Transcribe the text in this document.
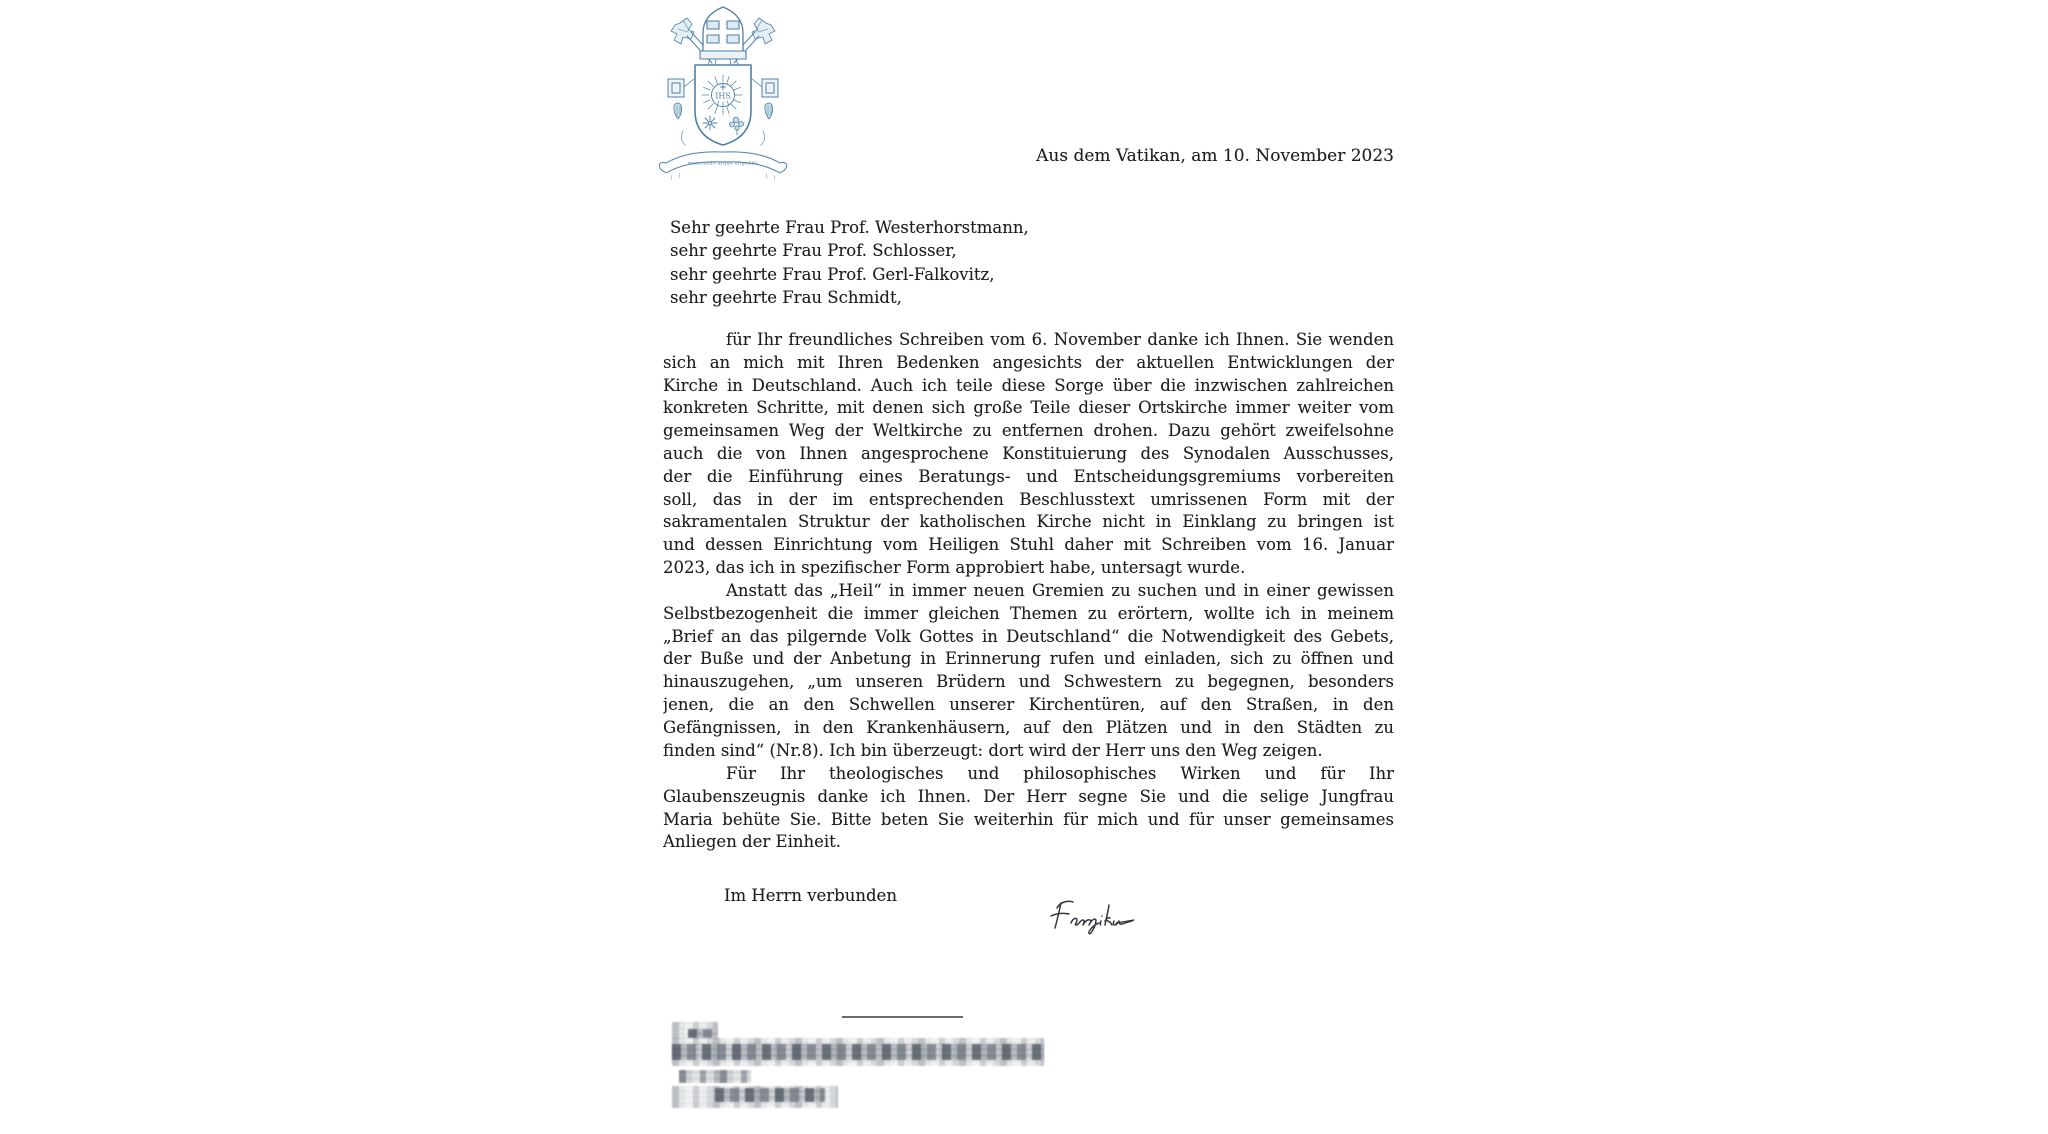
IHS
miserando atque eligendo	Aus dem Vatikan, am 10. November 2023
Sehr geehrte Frau Prof. Westerhorstmann,
sehr geehrte Frau Prof. Schlosser,
sehr geehrte Frau Prof. Gerl-Falkovitz,
sehr geehrte Frau Schmidt,
für Ihr freundliches Schreiben vom 6. November danke ich Ihnen. Sie wenden
sich an mich mit Ihren Bedenken angesichts der aktuellen Entwicklungen der
Kirche in Deutschland. Auch ich teile diese Sorge über die inzwischen zahlreichen
konkreten Schritte, mit denen sich große Teile dieser Ortskirche immer weiter vom
gemeinsamen Weg der Weltkirche zu entfernen drohen. Dazu gehört zweifelsohne
auch die von Ihnen angesprochene Konstituierung des Synodalen Ausschusses,
der die Einführung eines Beratungs- und Entscheidungsgremiums vorbereiten
soll, das in der im entsprechenden Beschlusstext umrissenen Form mit der
sakramentalen Struktur der katholischen Kirche nicht in Einklang zu bringen ist
und dessen Einrichtung vom Heiligen Stuhl daher mit Schreiben vom 16. Januar
2023, das ich in spezifischer Form approbiert habe, untersagt wurde.
Anstatt das „Heil“ in immer neuen Gremien zu suchen und in einer gewissen
Selbstbezogenheit die immer gleichen Themen zu erörtern, wollte ich in meinem
„Brief an das pilgernde Volk Gottes in Deutschland“ die Notwendigkeit des Gebets,
der Buße und der Anbetung in Erinnerung rufen und einladen, sich zu öffnen und
hinauszugehen, „um unseren Brüdern und Schwestern zu begegnen, besonders
jenen, die an den Schwellen unserer Kirchentüren, auf den Straßen, in den
Gefängnissen, in den Krankenhäusern, auf den Plätzen und in den Städten zu
finden sind“ (Nr.8). Ich bin überzeugt: dort wird der Herr uns den Weg zeigen.
Für Ihr theologisches und philosophisches Wirken und für Ihr
Glaubenszeugnis danke ich Ihnen. Der Herr segne Sie und die selige Jungfrau
Maria behüte Sie. Bitte beten Sie weiterhin für mich und für unser gemeinsames
Anliegen der Einheit.
Im Herrn verbunden
